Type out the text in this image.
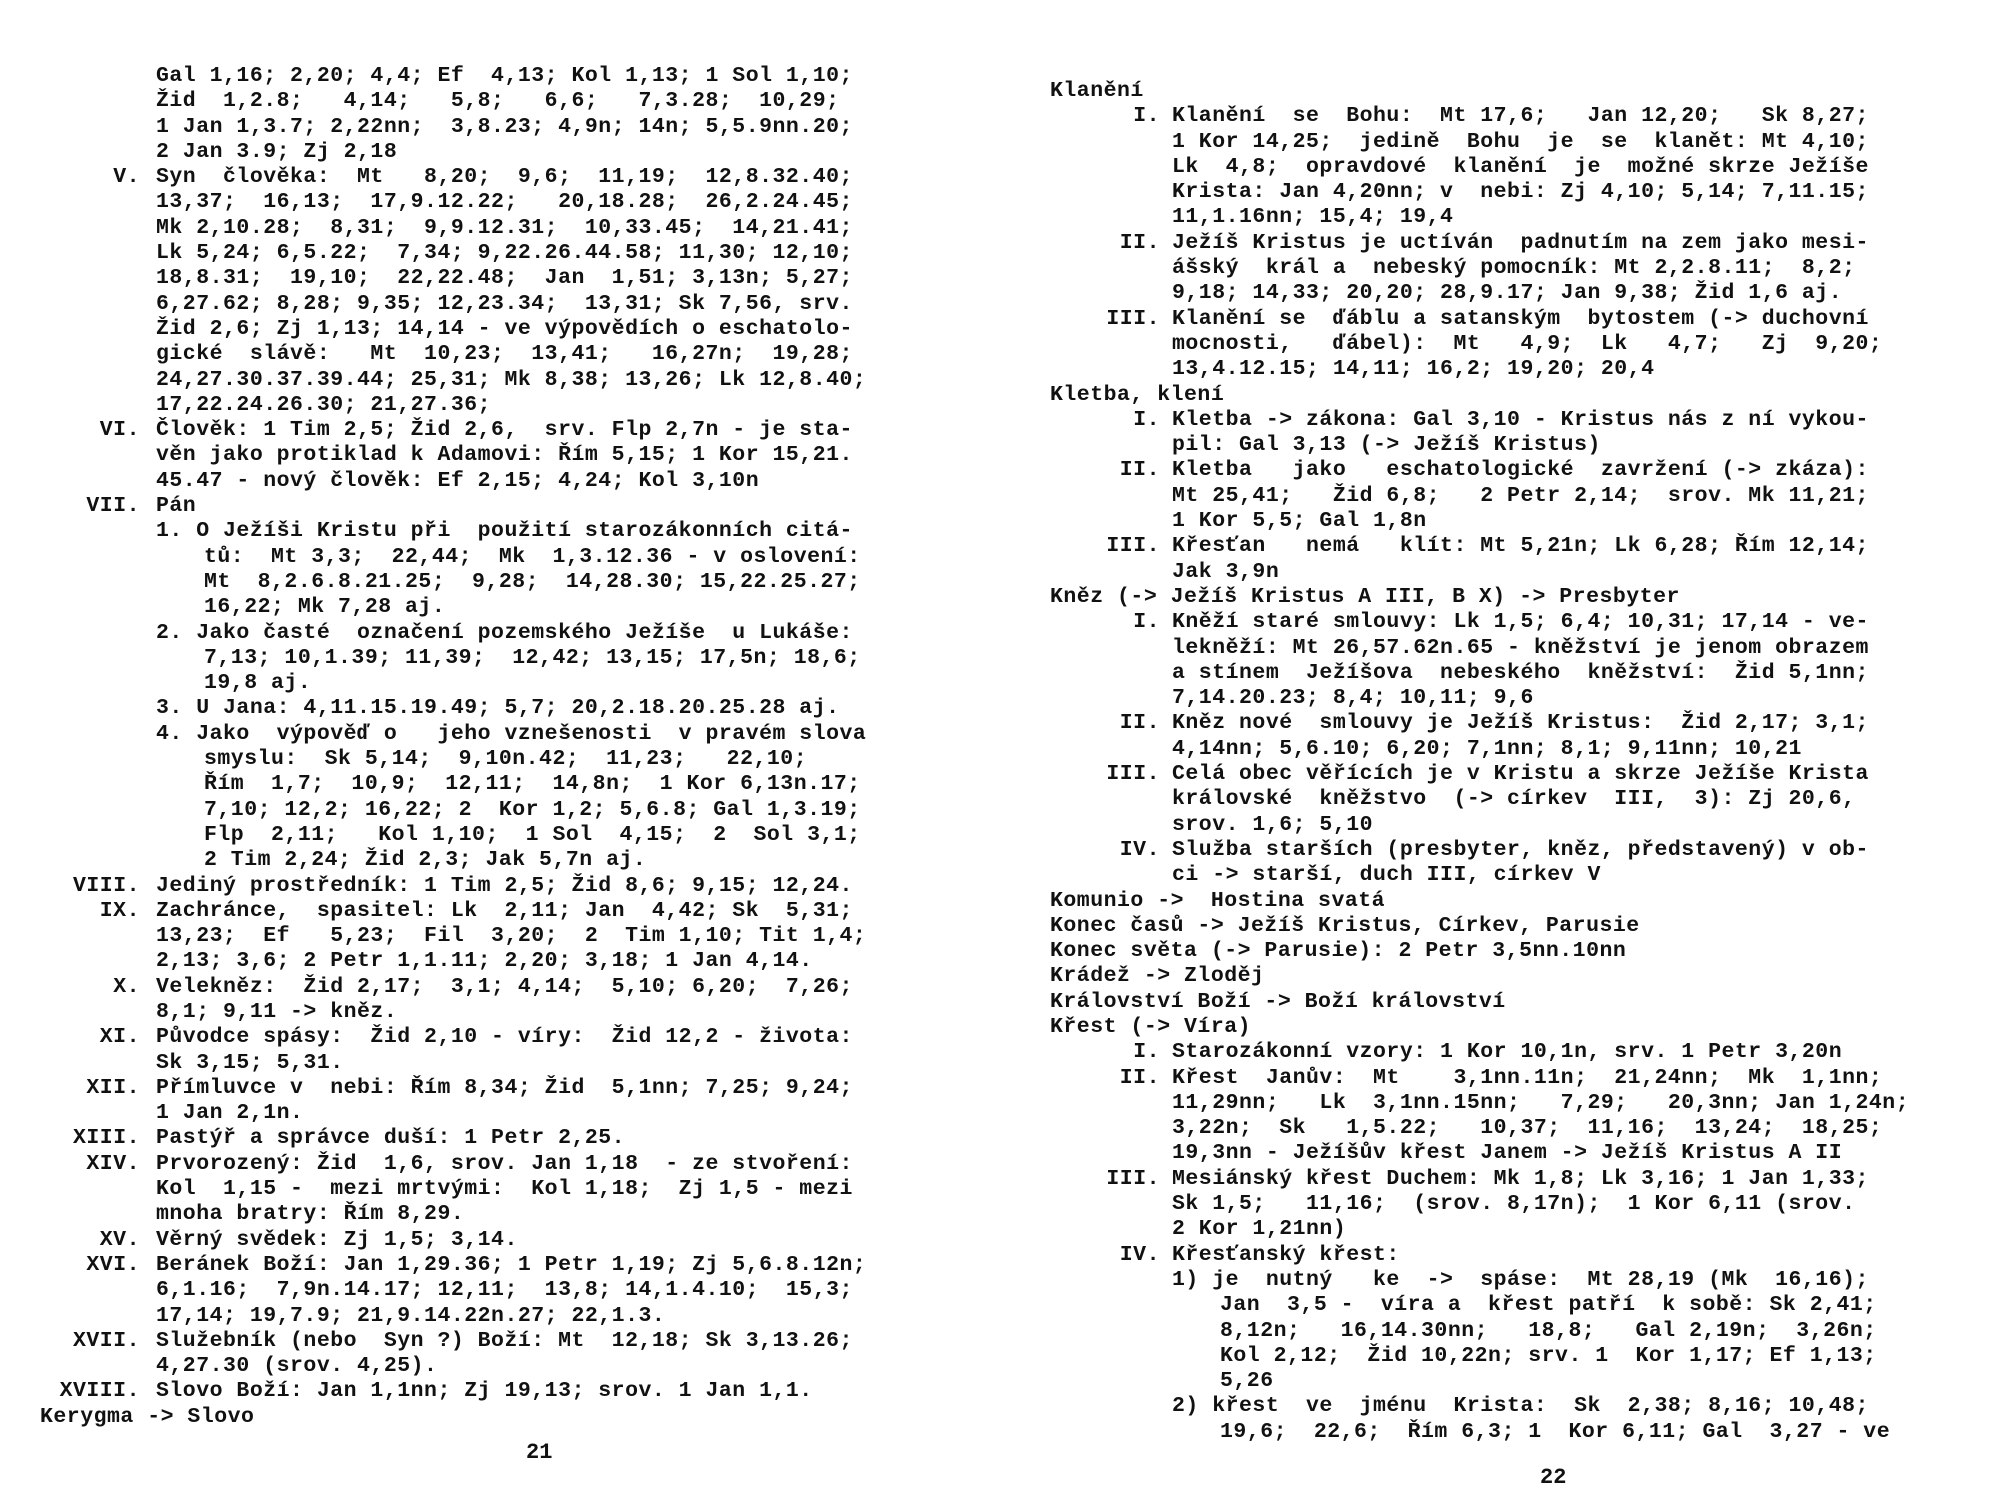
Gal 1,16; 2,20; 4,4; Ef  4,13; Kol 1,13; 1 Sol 1,10;
Žid  1,2.8;   4,14;   5,8;   6,6;   7,3.28;  10,29;
1 Jan 1,3.7; 2,22nn;  3,8.23; 4,9n; 14n; 5,5.9nn.20;
2 Jan 3.9; Zj 2,18
V. Syn  člověka:  Mt   8,20;  9,6;  11,19;  12,8.32.40;
13,37;  16,13;  17,9.12.22;   20,18.28;  26,2.24.45;
Mk 2,10.28;  8,31;  9,9.12.31;  10,33.45;  14,21.41;
Lk 5,24; 6,5.22;  7,34; 9,22.26.44.58; 11,30; 12,10;
18,8.31;  19,10;  22,22.48;  Jan  1,51; 3,13n; 5,27;
6,27.62; 8,28; 9,35; 12,23.34;  13,31; Sk 7,56, srv.
Žid 2,6; Zj 1,13; 14,14 - ve výpovědích o eschatolo-
gické  slávě:   Mt  10,23;  13,41;   16,27n;  19,28;
24,27.30.37.39.44; 25,31; Mk 8,38; 13,26; Lk 12,8.40;
17,22.24.26.30; 21,27.36;
VI. Člověk: 1 Tim 2,5; Žid 2,6,  srv. Flp 2,7n - je sta-
věn jako protiklad k Adamovi: Řím 5,15; 1 Kor 15,21.
45.47 - nový člověk: Ef 2,15; 4,24; Kol 3,10n
VII. Pán
1. O Ježíši Kristu při  použití starozákonních citá-
tů:  Mt 3,3;  22,44;  Mk  1,3.12.36 - v oslovení:
Mt  8,2.6.8.21.25;  9,28;  14,28.30; 15,22.25.27;
16,22; Mk 7,28 aj.
2. Jako časté  označení pozemského Ježíše  u Lukáše:
7,13; 10,1.39; 11,39;  12,42; 13,15; 17,5n; 18,6;
19,8 aj.
3. U Jana: 4,11.15.19.49; 5,7; 20,2.18.20.25.28 aj.
4. Jako  výpověď o   jeho vznešenosti  v pravém slova
smyslu:  Sk 5,14;  9,10n.42;  11,23;   22,10;
Řím  1,7;  10,9;  12,11;  14,8n;  1 Kor 6,13n.17;
7,10; 12,2; 16,22; 2  Kor 1,2; 5,6.8; Gal 1,3.19;
Flp  2,11;   Kol 1,10;  1 Sol  4,15;  2  Sol 3,1;
2 Tim 2,24; Žid 2,3; Jak 5,7n aj.
VIII. Jediný prostředník: 1 Tim 2,5; Žid 8,6; 9,15; 12,24.
IX. Zachránce,  spasitel: Lk  2,11; Jan  4,42; Sk  5,31;
13,23;  Ef   5,23;  Fil  3,20;  2  Tim 1,10; Tit 1,4;
2,13; 3,6; 2 Petr 1,1.11; 2,20; 3,18; 1 Jan 4,14.
X. Velekněz:  Žid 2,17;  3,1; 4,14;  5,10; 6,20;  7,26;
8,1; 9,11 -> kněz.
XI. Původce spásy:  Žid 2,10 - víry:  Žid 12,2 - života:
Sk 3,15; 5,31.
XII. Přímluvce v  nebi: Řím 8,34; Žid  5,1nn; 7,25; 9,24;
1 Jan 2,1n.
XIII. Pastýř a správce duší: 1 Petr 2,25.
XIV. Prvorozený: Žid  1,6, srov. Jan 1,18  - ze stvoření:
Kol  1,15 -  mezi mrtvými:  Kol 1,18;  Zj 1,5 - mezi
mnoha bratry: Řím 8,29.
XV. Věrný svědek: Zj 1,5; 3,14.
XVI. Beránek Boží: Jan 1,29.36; 1 Petr 1,19; Zj 5,6.8.12n;
6,1.16;  7,9n.14.17; 12,11;  13,8; 14,1.4.10;  15,3;
17,14; 19,7.9; 21,9.14.22n.27; 22,1.3.
XVII. Služebník (nebo  Syn ?) Boží: Mt  12,18; Sk 3,13.26;
4,27.30 (srov. 4,25).
XVIII. Slovo Boží: Jan 1,1nn; Zj 19,13; srov. 1 Jan 1,1.
Kerygma -> Slovo
21
Klanění
I. Klanění  se  Bohu:  Mt 17,6;   Jan 12,20;   Sk 8,27;
1 Kor 14,25;  jedině  Bohu  je  se  klanět: Mt 4,10;
Lk  4,8;  opravdové  klanění  je  možné skrze Ježíše
Krista: Jan 4,20nn; v  nebi: Zj 4,10; 5,14; 7,11.15;
11,1.16nn; 15,4; 19,4
II. Ježíš Kristus je uctíván  padnutím na zem jako mesi-
ášský  král a  nebeský pomocník: Mt 2,2.8.11;  8,2;
9,18; 14,33; 20,20; 28,9.17; Jan 9,38; Žid 1,6 aj.
III. Klanění se  ďáblu a satanským  bytostem (-> duchovní
mocnosti,   ďábel):  Mt   4,9;  Lk   4,7;   Zj  9,20;
13,4.12.15; 14,11; 16,2; 19,20; 20,4
Kletba, klení
I. Kletba -> zákona: Gal 3,10 - Kristus nás z ní vykou-
pil: Gal 3,13 (-> Ježíš Kristus)
II. Kletba   jako   eschatologické  zavržení (-> zkáza):
Mt 25,41;   Žid 6,8;   2 Petr 2,14;  srov. Mk 11,21;
1 Kor 5,5; Gal 1,8n
III. Křesťan   nemá   klít: Mt 5,21n; Lk 6,28; Řím 12,14;
Jak 3,9n
Kněz (-> Ježíš Kristus A III, B X) -> Presbyter
I. Kněží staré smlouvy: Lk 1,5; 6,4; 10,31; 17,14 - ve-
lekněží: Mt 26,57.62n.65 - kněžství je jenom obrazem
a stínem  Ježíšova  nebeského  kněžství:  Žid 5,1nn;
7,14.20.23; 8,4; 10,11; 9,6
II. Kněz nové  smlouvy je Ježíš Kristus:  Žid 2,17; 3,1;
4,14nn; 5,6.10; 6,20; 7,1nn; 8,1; 9,11nn; 10,21
III. Celá obec věřících je v Kristu a skrze Ježíše Krista
královské  kněžstvo  (-> církev  III,  3): Zj 20,6,
srov. 1,6; 5,10
IV. Služba starších (presbyter, kněz, představený) v ob-
ci -> starší, duch III, církev V
Komunio ->  Hostina svatá
Konec časů -> Ježíš Kristus, Církev, Parusie
Konec světa (-> Parusie): 2 Petr 3,5nn.10nn
Krádež -> Zloděj
Království Boží -> Boží království
Křest (-> Víra)
I. Starozákonní vzory: 1 Kor 10,1n, srv. 1 Petr 3,20n
II. Křest  Janův:  Mt    3,1nn.11n;  21,24nn;  Mk  1,1nn;
11,29nn;   Lk  3,1nn.15nn;   7,29;   20,3nn; Jan 1,24n;
3,22n;  Sk   1,5.22;   10,37;  11,16;  13,24;  18,25;
19,3nn - Ježíšův křest Janem -> Ježíš Kristus A II
III. Mesiánský křest Duchem: Mk 1,8; Lk 3,16; 1 Jan 1,33;
Sk 1,5;   11,16;  (srov. 8,17n);  1 Kor 6,11 (srov.
2 Kor 1,21nn)
IV. Křesťanský křest:
1) je  nutný   ke  ->  spáse:  Mt 28,19 (Mk  16,16);
Jan  3,5 -  víra a  křest patří  k sobě: Sk 2,41;
8,12n;   16,14.30nn;   18,8;   Gal 2,19n;  3,26n;
Kol 2,12;  Žid 10,22n; srv. 1  Kor 1,17; Ef 1,13;
5,26
2) křest  ve  jménu  Krista:  Sk  2,38; 8,16; 10,48;
19,6;  22,6;  Řím 6,3; 1  Kor 6,11; Gal  3,27 - ve
22
